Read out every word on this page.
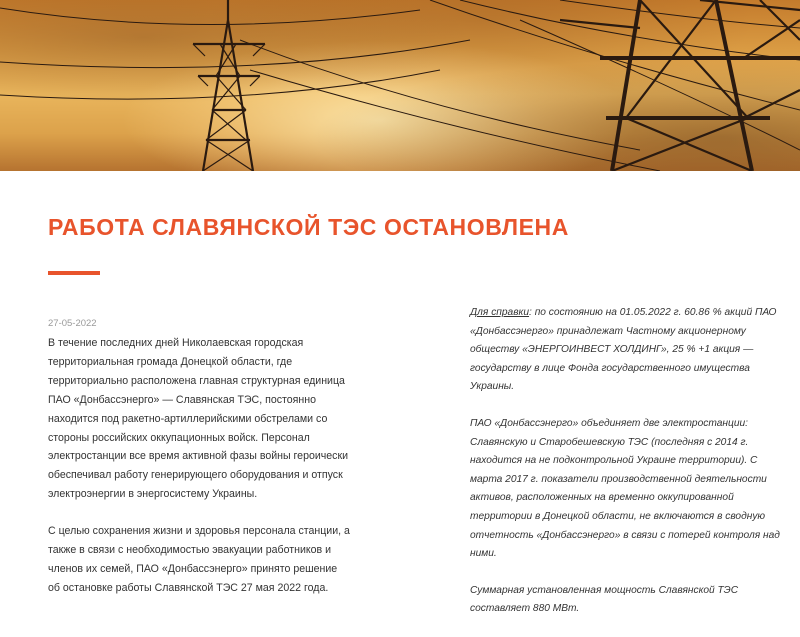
РАБОТА СЛАВЯНСКОЙ ТЭС ОСТАНОВЛЕНА
27-05-2022

В течение последних дней Николаевская городская территориальная громада Донецкой области, где территориально расположена главная структурная единица ПАО «Донбассэнерго» — Славянская ТЭС, постоянно находится под ракетно-артиллерийскими обстрелами со стороны российских оккупационных войск. Персонал электростанции все время активной фазы войны героически обеспечивал работу генерирующего оборудования и отпуск электроэнергии в энергосистему Украины.

С целью сохранения жизни и здоровья персонала станции, а также в связи с необходимостью эвакуации работников и членов их семей, ПАО «Донбассэнерго» принято решение об остановке работы Славянской ТЭС 27 мая 2022 года.

Для справки: по состоянию на 01.05.2022 г. 60.86 % акций ПАО «Донбассэнерго» принадлежат Частному акционерному обществу «ЭНЕРГОИНВЕСТ ХОЛДИНГ», 25 % +1 акция — государству в лице Фонда государственного имущества Украины.

ПАО «Донбассэнерго» объединяет две электростанции: Славянскую и Старобешевскую ТЭС (последняя с 2014 г. находится на не подконтрольной Украине территории). С марта 2017 г. показатели производственной деятельности активов, расположенных на временно оккупированной территории в Донецкой области, не включаются в сводную отчетность «Донбассэнерго» в связи с потерей контроля над ними.

Суммарная установленная мощность Славянской ТЭС составляет 880 МВт.
